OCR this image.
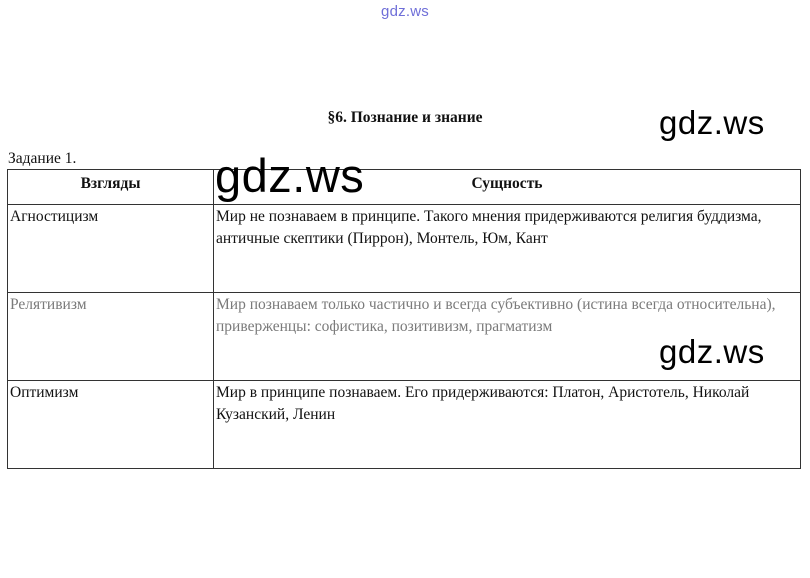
gdz.ws
§6. Познание и знание
Задание 1.
Взгляды	Сущность
Агностицизм	Мир не познаваем в принципе. Такого мнения придерживаются религия буддизма, античные скептики (Пиррон), Монтель, Юм, Кант
Релятивизм	Мир познаваем только частично и всегда субъективно (истина всегда относительна), приверженцы: софистика, позитивизм, прагматизм
Оптимизм	Мир в принципе познаваем. Его придерживаются: Платон, Аристотель, Николай Кузанский, Ленин
gdz.ws
gdz.ws
gdz.ws
